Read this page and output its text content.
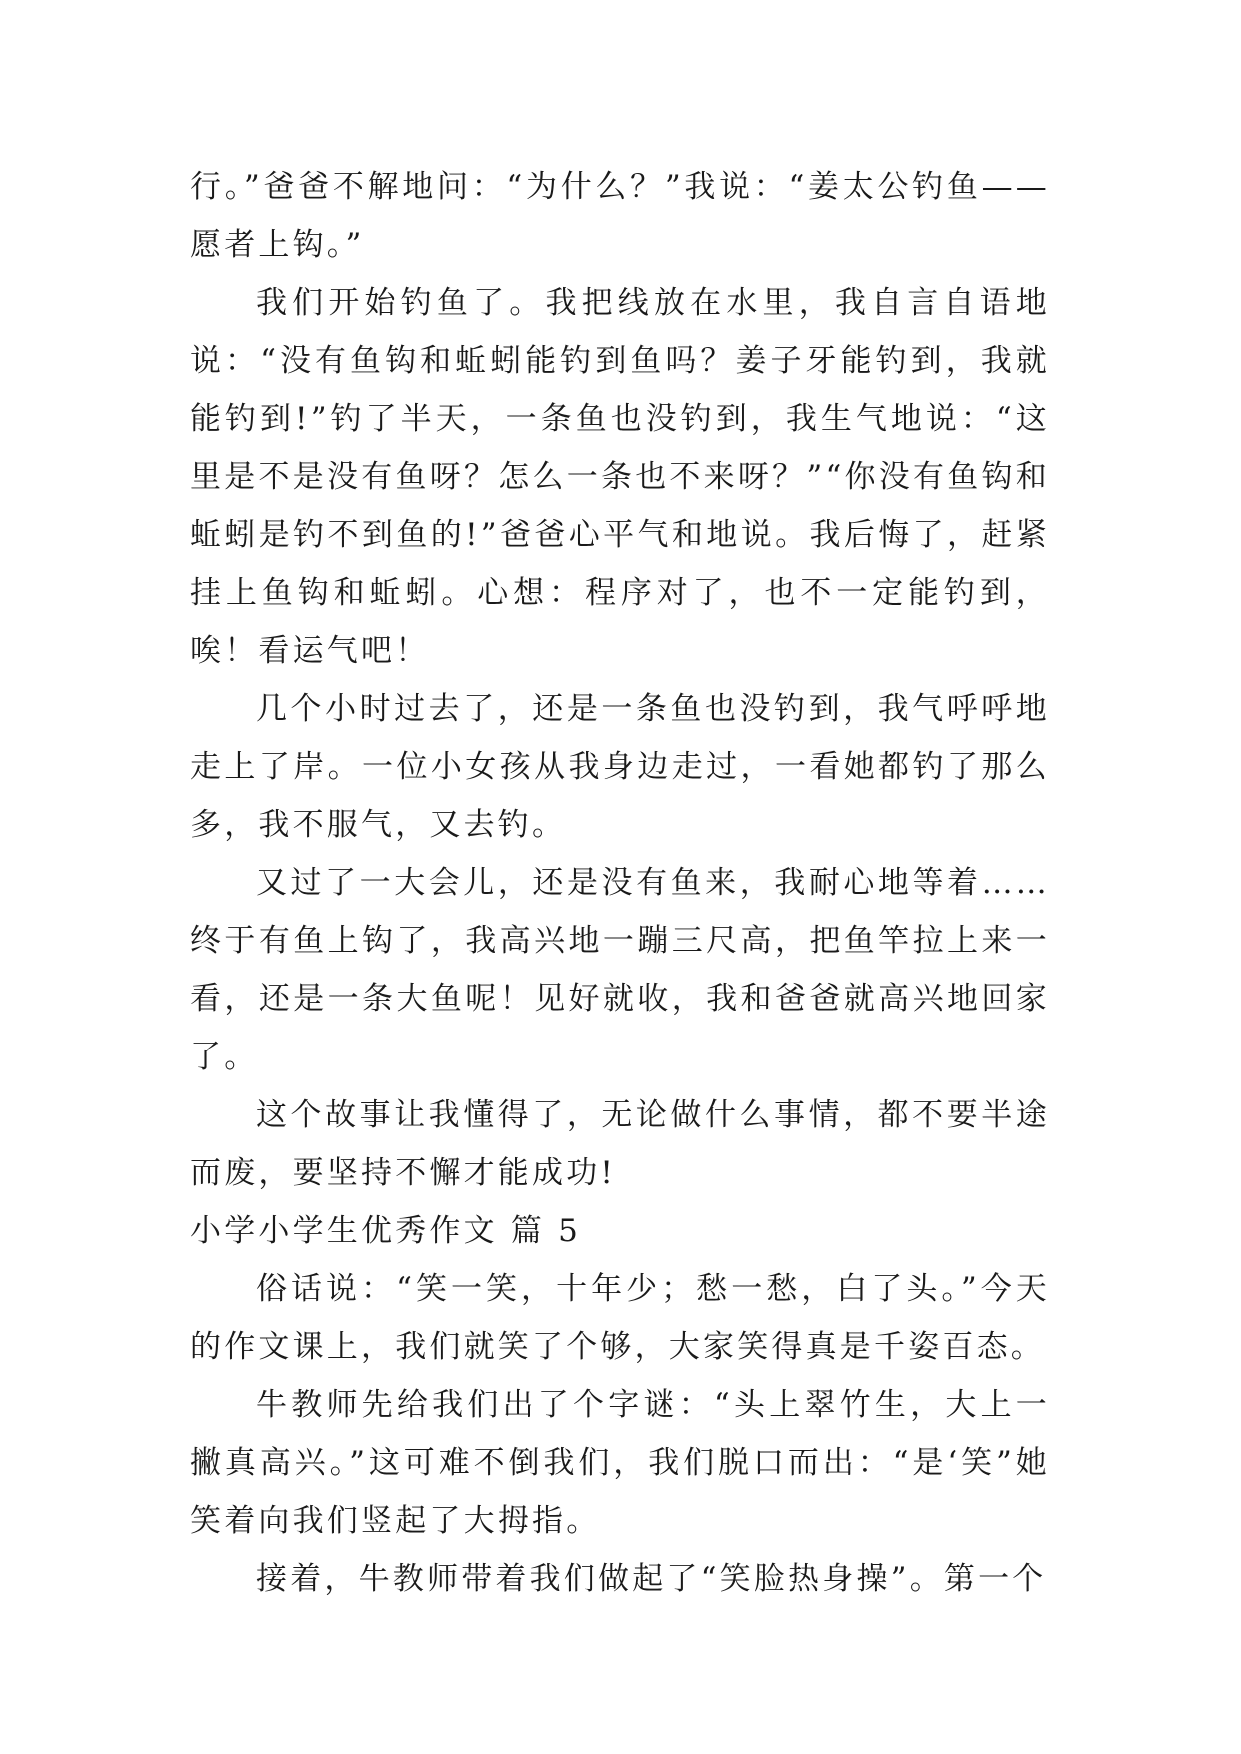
行。”爸爸不解地问：“为什么？”我说：“姜太公钓鱼——愿者上钩。”

我们开始钓鱼了。我把线放在水里，我自言自语地说：“没有鱼钩和蚯蚓能钓到鱼吗？姜子牙能钓到，我就能钓到!”钓了半天，一条鱼也没钓到，我生气地说：“这里是不是没有鱼呀？怎么一条也不来呀？”“你没有鱼钩和蚯蚓是钓不到鱼的!”爸爸心平气和地说。我后悔了，赶紧挂上鱼钩和蚯蚓。心想：程序对了，也不一定能钓到，唉！看运气吧！

几个小时过去了，还是一条鱼也没钓到，我气呼呼地走上了岸。一位小女孩从我身边走过，一看她都钓了那么多，我不服气，又去钓。

又过了一大会儿，还是没有鱼来，我耐心地等着……终于有鱼上钩了，我高兴地一蹦三尺高，把鱼竿拉上来一看，还是一条大鱼呢！见好就收，我和爸爸就高兴地回家了。

这个故事让我懂得了，无论做什么事情，都不要半途而废，要坚持不懈才能成功!

小学小学生优秀作文 篇 5

俗话说：“笑一笑，十年少；愁一愁，白了头。”今天的作文课上，我们就笑了个够，大家笑得真是千姿百态。

牛教师先给我们出了个字谜：“头上翠竹生，大上一撇真高兴。”这可难不倒我们，我们脱口而出：“是‘笑”她笑着向我们竖起了大拇指。

接着，牛教师带着我们做起了“笑脸热身操”。第一个
